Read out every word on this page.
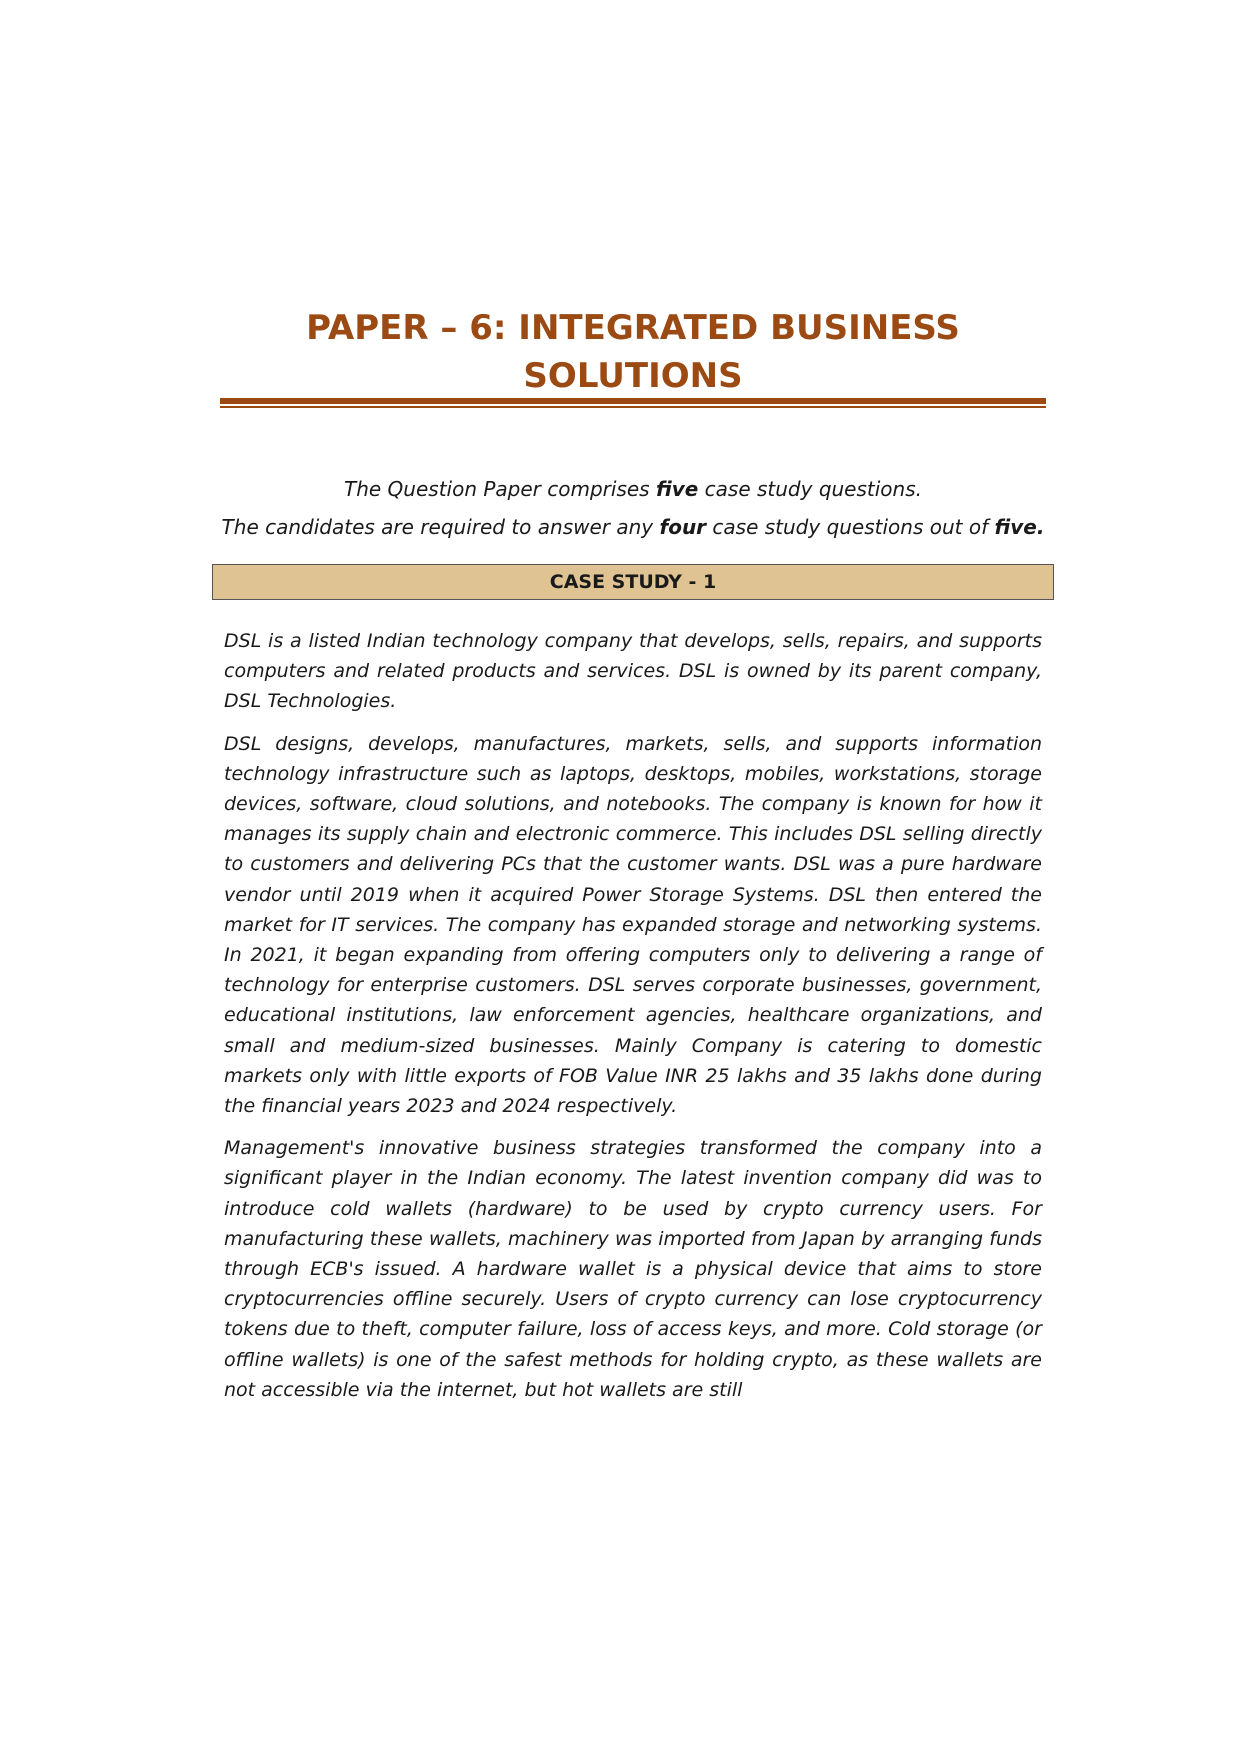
PAPER – 6: INTEGRATED BUSINESS
SOLUTIONS
The Question Paper comprises five case study questions.
The candidates are required to answer any four case study questions out of five.
CASE STUDY - 1

DSL is a listed Indian technology company that develops, sells, repairs, and supports computers and related products and services. DSL is owned by its parent company, DSL Technologies.

DSL designs, develops, manufactures, markets, sells, and supports information technology infrastructure such as laptops, desktops, mobiles, workstations, storage devices, software, cloud solutions, and notebooks. The company is known for how it manages its supply chain and electronic commerce. This includes DSL selling directly to customers and delivering PCs that the customer wants. DSL was a pure hardware vendor until 2019 when it acquired Power Storage Systems. DSL then entered the market for IT services. The company has expanded storage and networking systems. In 2021, it began expanding from offering computers only to delivering a range of technology for enterprise customers. DSL serves corporate businesses, government, educational institutions, law enforcement agencies, healthcare organizations, and small and medium-sized businesses. Mainly Company is catering to domestic markets only with little exports of FOB Value INR 25 lakhs and 35 lakhs done during the financial years 2023 and 2024 respectively.

Management's innovative business strategies transformed the company into a significant player in the Indian economy. The latest invention company did was to introduce cold wallets (hardware) to be used by crypto currency users. For manufacturing these wallets, machinery was imported from Japan by arranging funds through ECB's issued. A hardware wallet is a physical device that aims to store cryptocurrencies offline securely. Users of crypto currency can lose cryptocurrency tokens due to theft, computer failure, loss of access keys, and more. Cold storage (or offline wallets) is one of the safest methods for holding crypto, as these wallets are not accessible via the internet, but hot wallets are still
